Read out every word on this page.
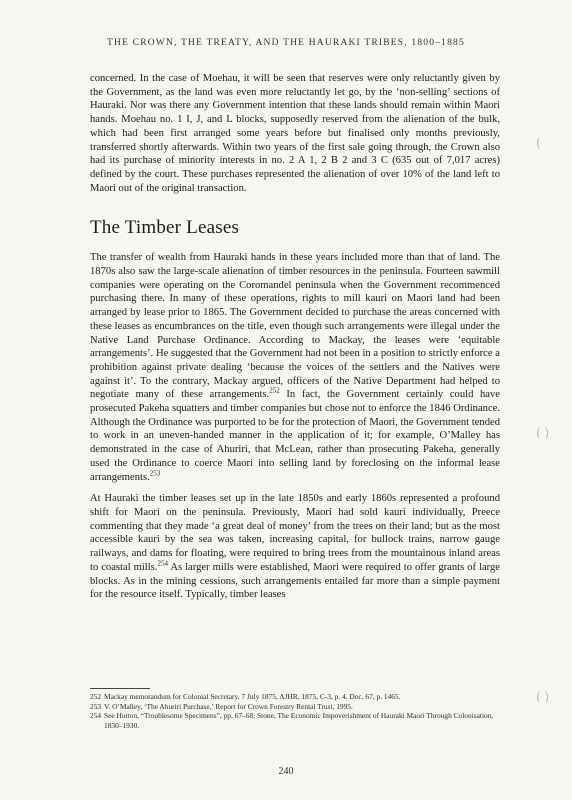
THE CROWN, THE TREATY, AND THE HAURAKI TRIBES, 1800–1885
(
( )
( )

concerned. In the case of Moehau, it will be seen that reserves were only reluctantly given by the Government, as the land was even more reluctantly let go, by the ‘non-selling’ sections of Hauraki. Nor was there any Government intention that these lands should remain within Maori hands. Moehau no. 1 I, J, and L blocks, supposedly reserved from the alienation of the bulk, which had been first arranged some years before but finalised only months previously, transferred shortly afterwards. Within two years of the first sale going through, the Crown also had its purchase of minority interests in no. 2 A 1, 2 B 2 and 3 C (635 out of 7,017 acres) defined by the court. These purchases represented the alienation of over 10% of the land left to Maori out of the original transaction.

The Timber Leases

The transfer of wealth from Hauraki hands in these years included more than that of land. The 1870s also saw the large-scale alienation of timber resources in the peninsula. Fourteen sawmill companies were operating on the Coromandel peninsula when the Government recommenced purchasing there. In many of these operations, rights to mill kauri on Maori land had been arranged by lease prior to 1865. The Government decided to purchase the areas concerned with these leases as encumbrances on the title, even though such arrangements were illegal under the Native Land Purchase Ordinance. According to Mackay, the leases were ‘equitable arrangements’. He suggested that the Government had not been in a position to strictly enforce a prohibition against private dealing ‘because the voices of the settlers and the Natives were against it’. To the contrary, Mackay argued, officers of the Native Department had helped to negotiate many of these arrangements.$^{252}$ In fact, the Government certainly could have prosecuted Pakeha squatters and timber companies but chose not to enforce the 1846 Ordinance. Although the Ordinance was purported to be for the protection of Maori, the Government tended to work in an uneven-handed manner in the application of it; for example, O’Malley has demonstrated in the case of Ahuriri, that McLean, rather than prosecuting Pakeha, generally used the Ordinance to coerce Maori into selling land by foreclosing on the informal lease arrangements.$^{253}$

At Hauraki the timber leases set up in the late 1850s and early 1860s represented a profound shift for Maori on the peninsula. Previously, Maori had sold kauri individually, Preece commenting that they made ‘a great deal of money’ from the trees on their land; but as the most accessible kauri by the sea was taken, increasing capital, for bullock trains, narrow gauge railways, and dams for floating, were required to bring trees from the mountainous inland areas to coastal mills.$^{254}$ As larger mills were established, Maori were required to offer grants of large blocks. As in the mining cessions, such arrangements entailed far more than a simple payment for the resource itself. Typically, timber leases

252 Mackay memorandum for Colonial Secretary, 7 July 1875, AJHR, 1875, C-3, p. 4. Doc. 67, p. 1465.
253 V. O’Malley, ‘The Ahuriri Purchase,’ Report for Crown Forestry Rental Trust, 1995.
254 See Hutton, “Troublesome Specimens”, pp. 67–68; Stone, The Economic Impoverishment of Hauraki Maori Through Colonisation, 1830–1930.
240
